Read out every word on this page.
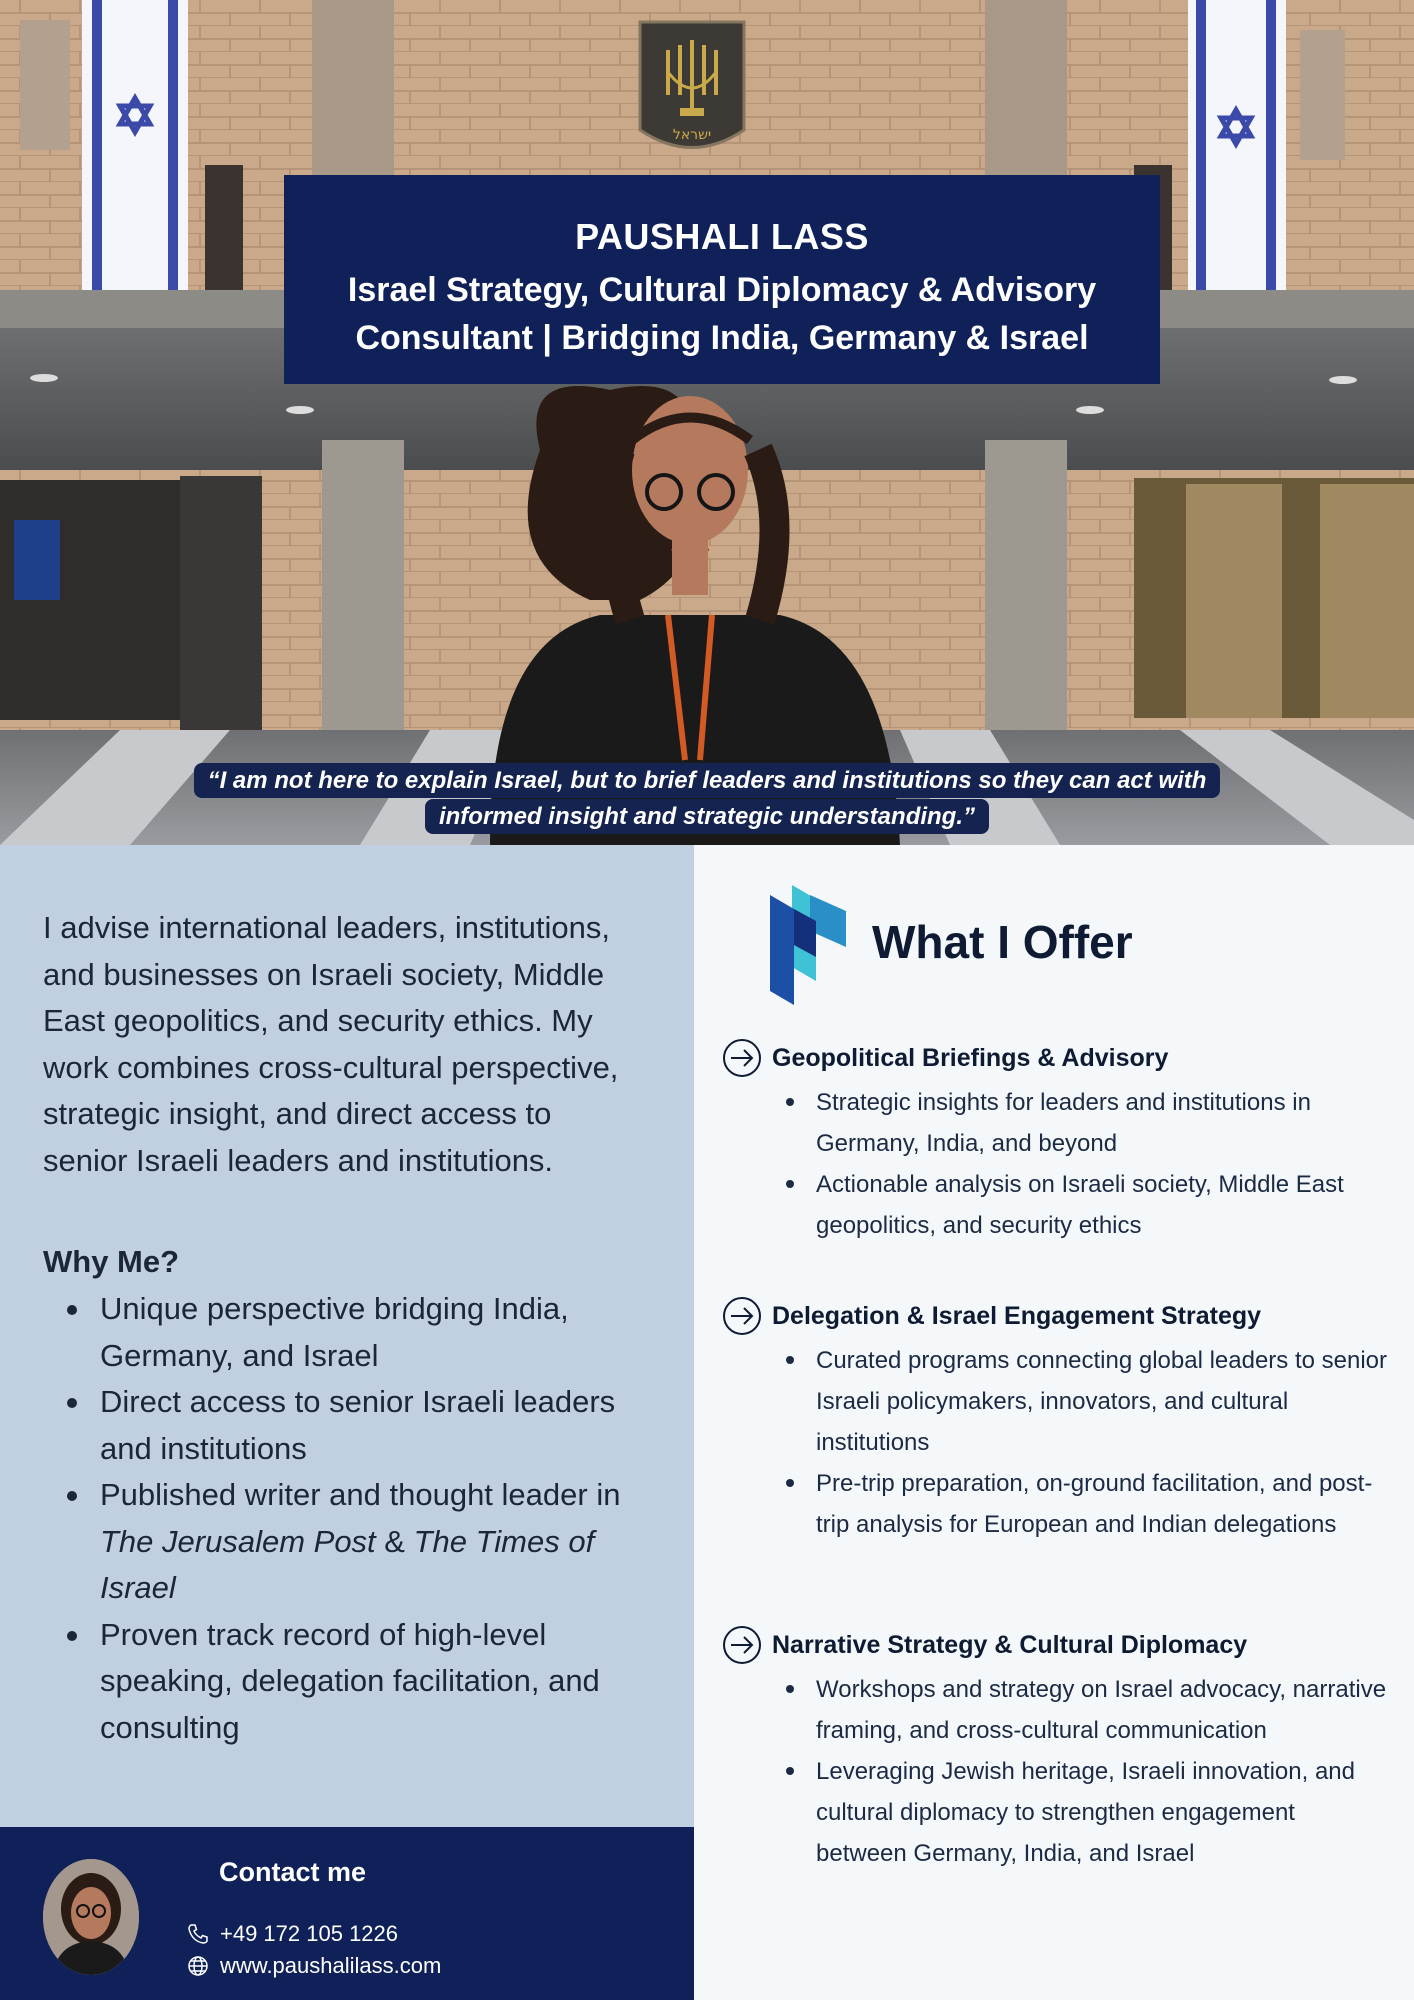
ישראל
PAUSHALI LASS
Israel Strategy, Cultural Diplomacy & Advisory Consultant | Bridging India, Germany & Israel
“I am not here to explain Israel, but to brief leaders and institutions so they can act with informed insight and strategic understanding.”

I advise international leaders, institutions, and businesses on Israeli society, Middle East geopolitics, and security ethics. My work combines cross-cultural perspective, strategic insight, and direct access to senior Israeli leaders and institutions.

Why Me?
Unique perspective bridging India, Germany, and Israel
Direct access to senior Israeli leaders and institutions
Published writer and thought leader in The Jerusalem Post & The Times of Israel
Proven track record of high-level speaking, delegation facilitation, and consulting
Contact me
+49 172 105 1226
www.paushalilass.com
What I Offer
Geopolitical Briefings & Advisory
Strategic insights for leaders and institutions in Germany, India, and beyond
Actionable analysis on Israeli society, Middle East geopolitics, and security ethics
Delegation & Israel Engagement Strategy
Curated programs connecting global leaders to senior Israeli policymakers, innovators, and cultural institutions
Pre-trip preparation, on-ground facilitation, and post-trip analysis for European and Indian delegations
Narrative Strategy & Cultural Diplomacy
Workshops and strategy on Israel advocacy, narrative framing, and cross-cultural communication
Leveraging Jewish heritage, Israeli innovation, and cultural diplomacy to strengthen engagement between Germany, India, and Israel
